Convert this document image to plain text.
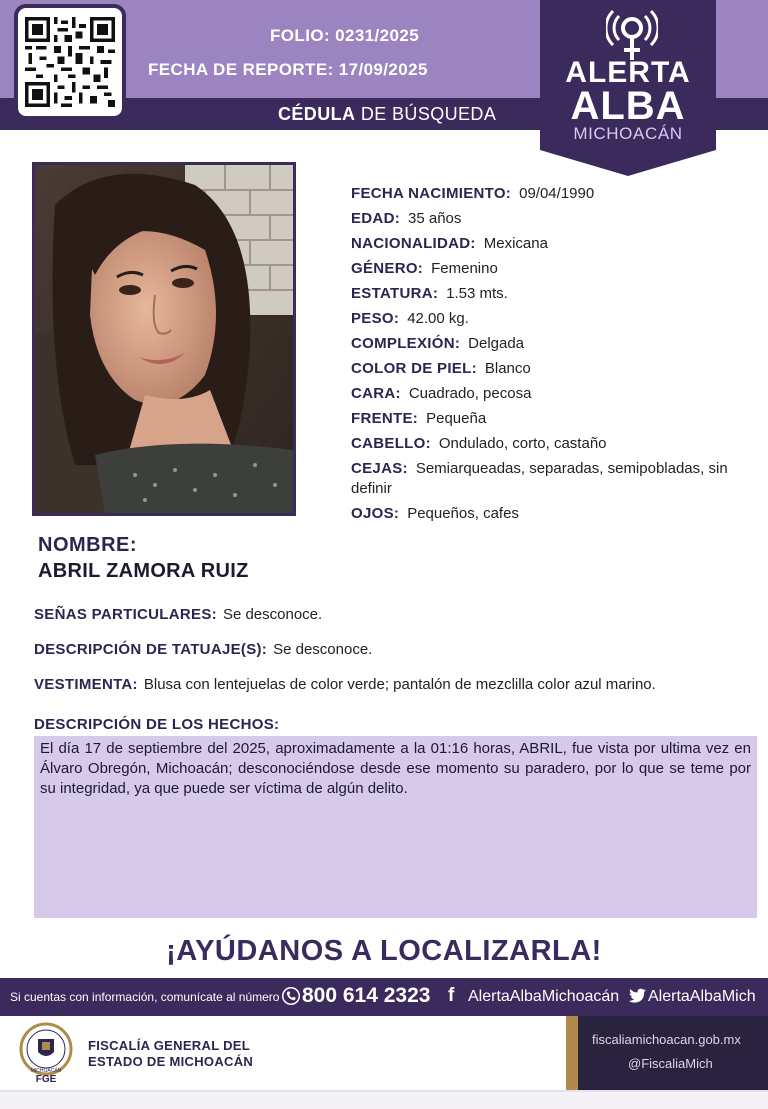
CÉDULA DE BÚSQUEDA
FOLIO: 0231/2025
FECHA DE REPORTE: 17/09/2025	ALERTA
ALBA
MICHOACÁN
FECHA NACIMIENTO: 09/04/1990
EDAD: 35 años
NACIONALIDAD: Mexicana
GÉNERO: Femenino
ESTATURA: 1.53 mts.
PESO: 42.00 kg.
COMPLEXIÓN: Delgada
COLOR DE PIEL: Blanco
CARA: Cuadrado, pecosa
FRENTE: Pequeña
CABELLO: Ondulado, corto, castaño
CEJAS: Semiarqueadas, separadas, semipobladas, sin definir
OJOS: Pequeños, cafes
NOMBRE:
ABRIL ZAMORA RUIZ
SEÑAS PARTICULARES: Se desconoce.
DESCRIPCIÓN DE TATUAJE(S): Se desconoce.
VESTIMENTA: Blusa con lentejuelas de color verde; pantalón de mezclilla color azul marino.
DESCRIPCIÓN DE LOS HECHOS:
El día 17 de septiembre del 2025, aproximadamente a la 01:16 horas, ABRIL, fue vista por ultima vez en Álvaro Obregón, Michoacán; desconociéndose desde ese momento su paradero, por lo que se teme por su integridad, ya que puede ser víctima de algún delito.
¡AYÚDANOS A LOCALIZARLA!
Si cuentas con información, comunícate al número 800 614 2323 f AlertaAlbaMichoacán AlertaAlbaMich
FGE
MICHOACÁN
FISCALÍA GENERAL DEL
ESTADO DE MICHOACÁN
fiscaliamichoacan.gob.mx
@FiscaliaMich
